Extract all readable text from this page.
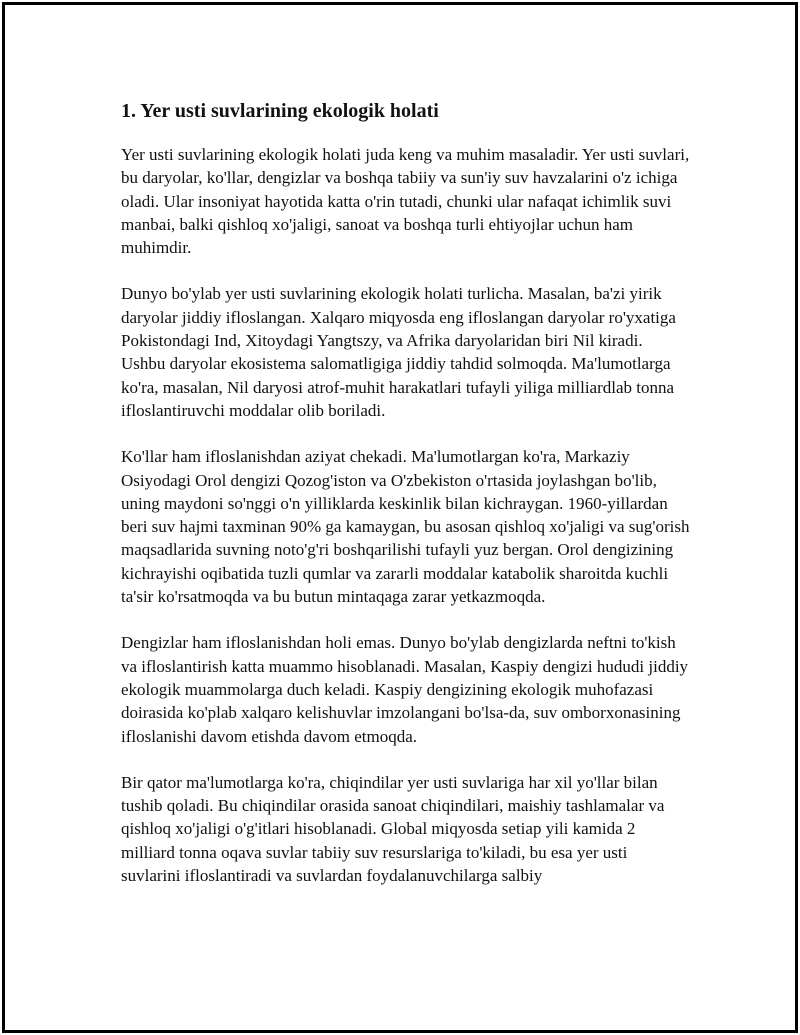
1. Yer usti suvlarining ekologik holati

Yer usti suvlarining ekologik holati juda keng va muhim masaladir. Yer usti suvlari, bu daryolar, ko'llar, dengizlar va boshqa tabiiy va sun'iy suv havzalarini o'z ichiga oladi. Ular insoniyat hayotida katta o'rin tutadi, chunki ular nafaqat ichimlik suvi manbai, balki qishloq xo'jaligi, sanoat va boshqa turli ehtiyojlar uchun ham muhimdir.

Dunyo bo'ylab yer usti suvlarining ekologik holati turlicha. Masalan, ba'zi yirik daryolar jiddiy ifloslangan. Xalqaro miqyosda eng ifloslangan daryolar ro'yxatiga Pokistondagi Ind, Xitoydagi Yangtszy, va Afrika daryolaridan biri Nil kiradi. Ushbu daryolar ekosistema salomatligiga jiddiy tahdid solmoqda. Ma'lumotlarga ko'ra, masalan, Nil daryosi atrof-muhit harakatlari tufayli yiliga milliardlab tonna ifloslantiruvchi moddalar olib boriladi.

Ko'llar ham ifloslanishdan aziyat chekadi. Ma'lumotlargan ko'ra, Markaziy Osiyodagi Orol dengizi Qozog'iston va O'zbekiston o'rtasida joylashgan bo'lib, uning maydoni so'nggi o'n yilliklarda keskinlik bilan kichraygan. 1960-yillardan beri suv hajmi taxminan 90% ga kamaygan, bu asosan qishloq xo'jaligi va sug'orish maqsadlarida suvning noto'g'ri boshqarilishi tufayli yuz bergan. Orol dengizining kichrayishi oqibatida tuzli qumlar va zararli moddalar katabolik sharoitda kuchli ta'sir ko'rsatmoqda va bu butun mintaqaga zarar yetkazmoqda.

Dengizlar ham ifloslanishdan holi emas. Dunyo bo'ylab dengizlarda neftni to'kish va ifloslantirish katta muammo hisoblanadi. Masalan, Kaspiy dengizi hududi jiddiy ekologik muammolarga duch keladi. Kaspiy dengizining ekologik muhofazasi doirasida ko'plab xalqaro kelishuvlar imzolangani bo'lsa-da, suv omborxonasining ifloslanishi davom etishda davom etmoqda.

Bir qator ma'lumotlarga ko'ra, chiqindilar yer usti suvlariga har xil yo'llar bilan tushib qoladi. Bu chiqindilar orasida sanoat chiqindilari, maishiy tashlamalar va qishloq xo'jaligi o'g'itlari hisoblanadi. Global miqyosda setiap yili kamida 2 milliard tonna oqava suvlar tabiiy suv resurslariga to'kiladi, bu esa yer usti suvlarini ifloslantiradi va suvlardan foydalanuvchilarga salbiy
